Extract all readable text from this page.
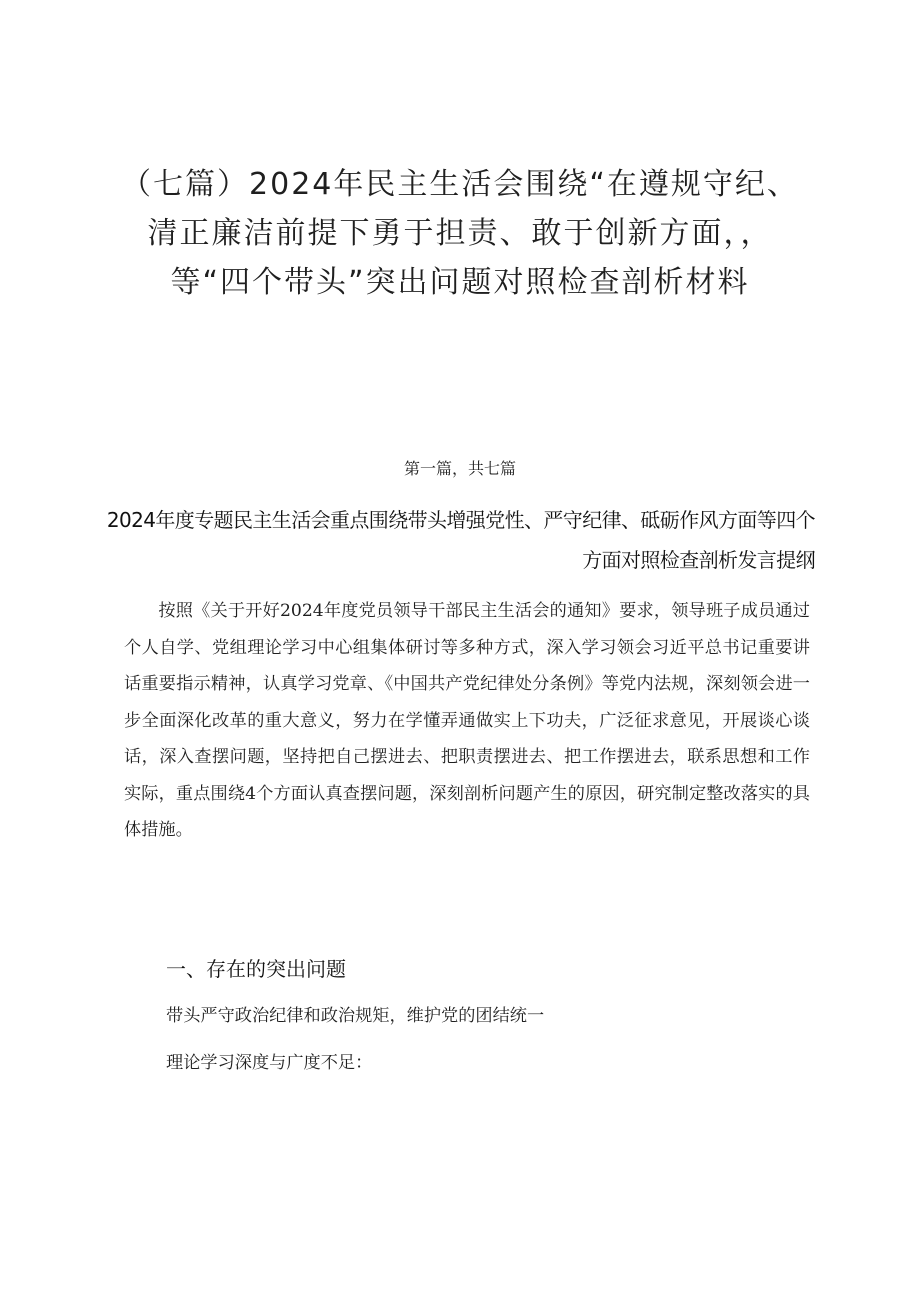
（七篇）2024年民主生活会围绕“在遵规守纪、清正廉洁前提下勇于担责、敢于创新方面，，等“四个带头”突出问题对照检查剖析材料

第一篇，共七篇

2024年度专题民主生活会重点围绕带头增强党性、严守纪律、砥砺作风方面等四个方面对照检查剖析发言提纲

按照《关于开好2024年度党员领导干部民主生活会的通知》要求，领导班子成员通过个人自学、党组理论学习中心组集体研讨等多种方式，深入学习领会习近平总书记重要讲话重要指示精神，认真学习党章、《中国共产党纪律处分条例》等党内法规，深刻领会进一步全面深化改革的重大意义，努力在学懂弄通做实上下功夫，广泛征求意见，开展谈心谈话，深入查摆问题，坚持把自己摆进去、把职责摆进去、把工作摆进去，联系思想和工作实际，重点围绕4个方面认真查摆问题，深刻剖析问题产生的原因，研究制定整改落实的具体措施。

一、存在的突出问题

带头严守政治纪律和政治规矩，维护党的团结统一

理论学习深度与广度不足：
